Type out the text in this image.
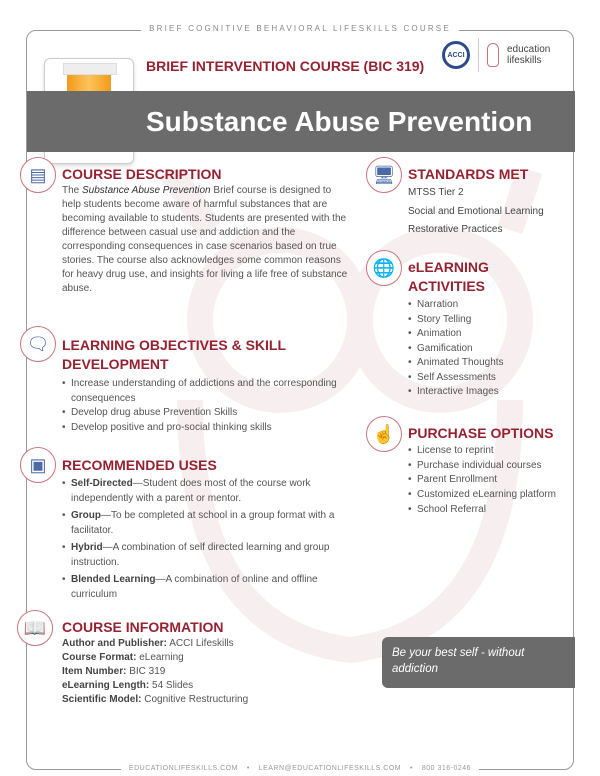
BRIEF COGNITIVE BEHAVIORAL LIFESKILLS COURSE
BRIEF INTERVENTION COURSE (BIC 319)
Substance Abuse Prevention
ACCI	education
lifeskills
▤	COURSE DESCRIPTION
The Substance Abuse Prevention Brief course is designed to help students become aware of harmful substances that are becoming available to students. Students are presented with the difference between casual use and addiction and the corresponding consequences in case scenarios based on true stories. The course also acknowledges some common reasons for heavy drug use, and insights for living a life free of substance abuse.
🗨 LEARNING OBJECTIVES & SKILL DEVELOPMENT
• Increase understanding of addictions and the corresponding consequences
• Develop drug abuse Prevention Skills
• Develop positive and pro-social thinking skills
▣	RECOMMENDED USES
• Self-Directed—Student does most of the course work independently with a parent or mentor.
• Group—To be completed at school in a group format with a facilitator.
• Hybrid—A combination of self directed learning and group instruction.
• Blended Learning—A combination of online and offline curriculum
📖	COURSE INFORMATION
Author and Publisher: ACCI Lifeskills
Course Format: eLearning
Item Number: BIC 319
eLearning Length: 54 Slides
Scientific Model: Cognitive Restructuring
🖥 STANDARDS MET
MTSS Tier 2
Social and Emotional Learning
Restorative Practices
🌐 eLEARNING
ACTIVITIES
• Narration
• Story Telling
• Animation
• Gamification
• Animated Thoughts
• Self Assessments
• Interactive Images
☝ PURCHASE OPTIONS
• License to reprint
• Purchase individual courses
• Parent Enrollment
• Customized eLearning platform
• School Referral
Be your best self - without addiction
EDUCATIONLIFESKILLS.COM • LEARN@EDUCATIONLIFESKILLS.COM • 800 316-0246
